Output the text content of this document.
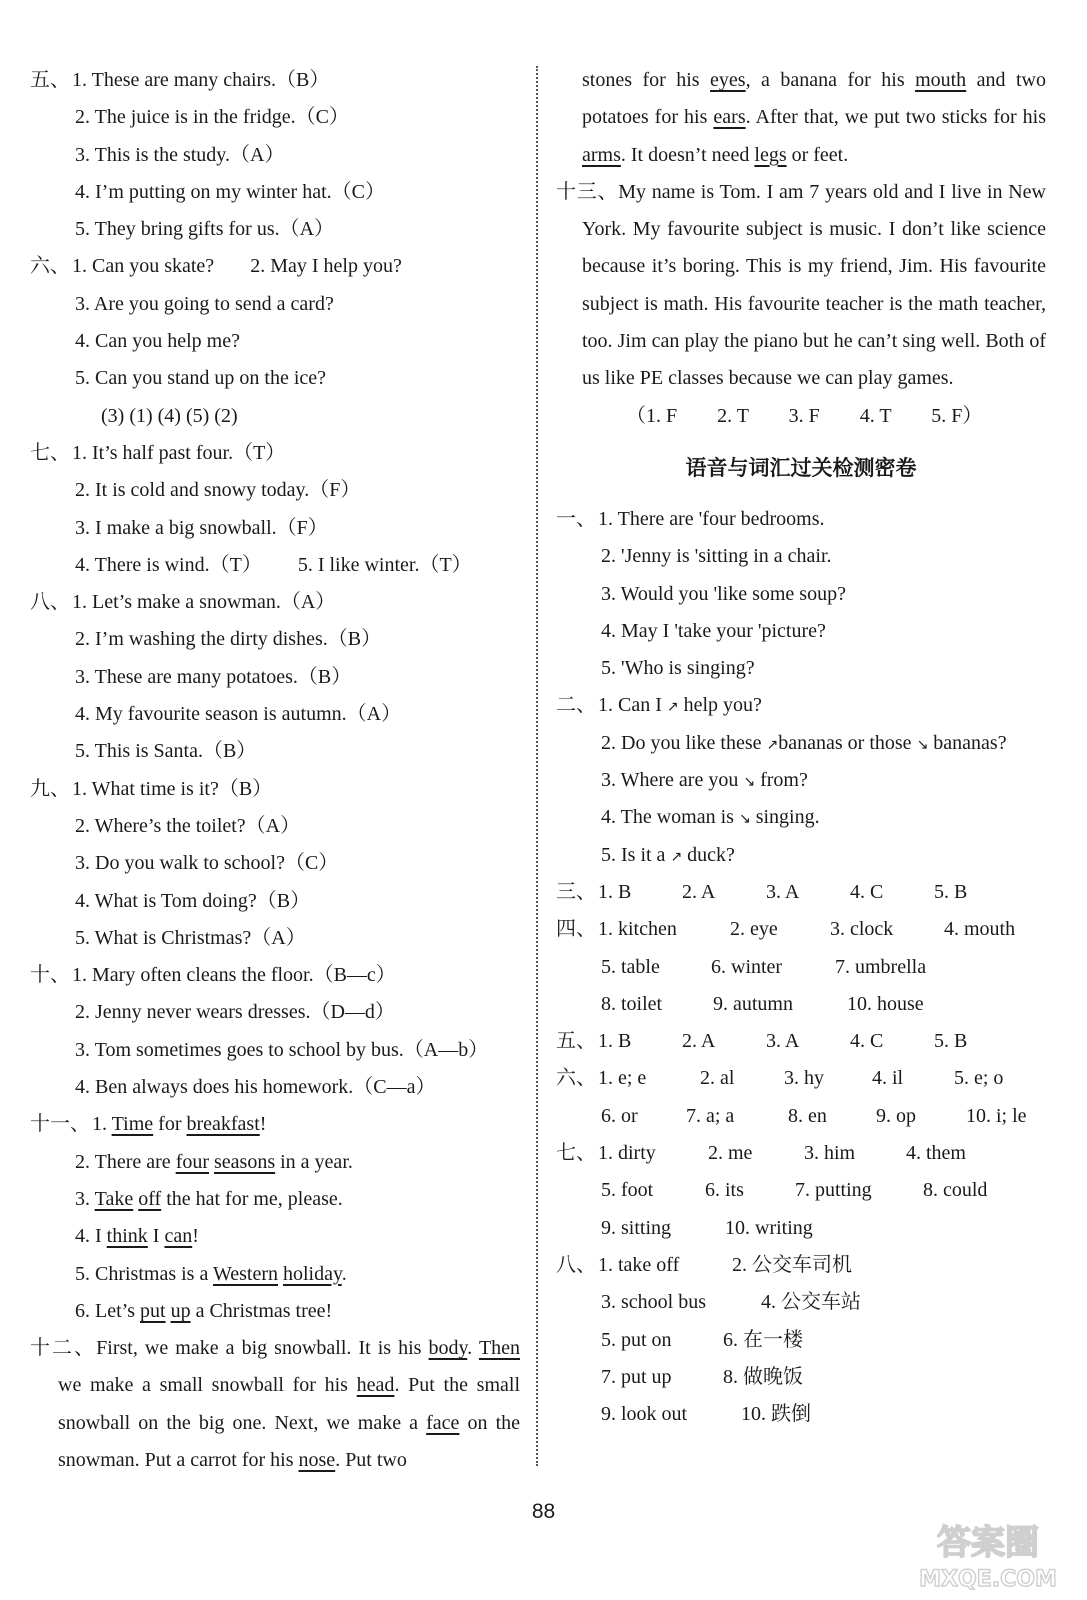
五、 1. These are many chairs.（B）
2. The juice is in the fridge.（C）
3. This is the study.（A）
4. I’m putting on my winter hat.（C）
5. They bring gifts for us.（A）
六、 1. Can you skate? 2. May I help you?
3. Are you going to send a card?
4. Can you help me?
5. Can you stand up on the ice?
(3) (1) (4) (5) (2)
七、 1. It’s half past four.（T）
2. It is cold and snowy today.（F）
3. I make a big snowball.（F）
4. There is wind.（T） 5. I like winter.（T）
八、 1. Let’s make a snowman.（A）
2. I’m washing the dirty dishes.（B）
3. These are many potatoes.（B）
4. My favourite season is autumn.（A）
5. This is Santa.（B）
九、 1. What time is it?（B）
2. Where’s the toilet?（A）
3. Do you walk to school?（C）
4. What is Tom doing?（B）
5. What is Christmas?（A）
十、 1. Mary often cleans the floor.（B—c）
2. Jenny never wears dresses.（D—d）
3. Tom sometimes goes to school by bus.（A—b）
4. Ben always does his homework.（C—a）
十一、 1. Time for breakfast!
2. There are four seasons in a year.
3. Take off the hat for me, please.
4. I think I can!
5. Christmas is a Western holiday.
6. Let’s put up a Christmas tree!
十二、First, we make a big snowball. It is his body. Then we make a small snowball for his head. Put the small snowball on the big one. Next, we make a face on the snowman. Put a carrot for his nose. Put two
stones for his eyes, a banana for his mouth and two potatoes for his ears. After that, we put two sticks for his arms. It doesn’t need legs or feet.
十三、My name is Tom. I am 7 years old and I live in New York. My favourite subject is music. I don’t like science because it’s boring. This is my friend, Jim. His favourite subject is math. His favourite teacher is the math teacher, too. Jim can play the piano but he can’t sing well. Both of us like PE classes because we can play games.
（1. F　　2. T　　3. F　　4. T　　5. F）
语音与词汇过关检测密卷
一、 1. There are 'four bedrooms.
2. 'Jenny is 'sitting in a chair.
3. Would you 'like some soup?
4. May I 'take your 'picture?
5. 'Who is singing?
二、 1. Can I ↗ help you?
2. Do you like these ↗bananas or those ↘ bananas?
3. Where are you ↘ from?
4. The woman is ↘ singing.
5. Is it a ↗ duck?
三、 1. B	2. A	3. A	4. C	5. B
四、 1. kitchen	2. eye	3. clock	4. mouth
5. table	6. winter	7. umbrella
8. toilet	9. autumn	10. house
五、 1. B	2. A	3. A	4. C	5. B
六、 1. e; e	2. al 3. hy 4. il	5. e; o
6. or 7. a; a	8. en 9. op	10. i; le
七、 1. dirty	2. me	3. him	4. them
5. foot	6. its	7. putting	8. could
9. sitting	10. writing
八、 1. take off	2. 公交车司机
3. school bus	4. 公交车站
5. put on	6. 在一楼
7. put up	8. 做晚饭
9. look out	10. 跌倒
88
答案圈
MXQE.COM
